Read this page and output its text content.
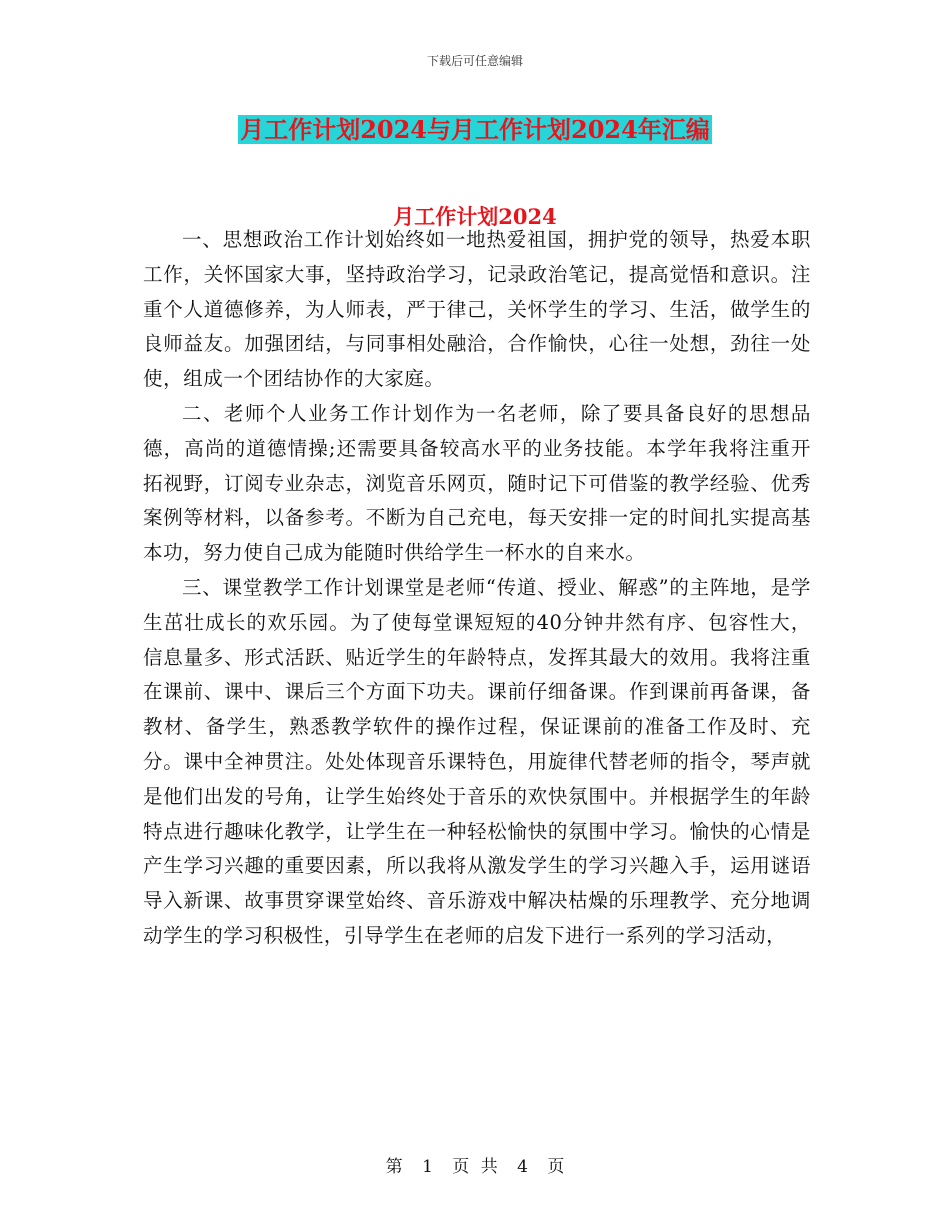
下载后可任意编辑
月工作计划2024与月工作计划2024年汇编
月工作计划2024

一、思想政治工作计划始终如一地热爱祖国，拥护党的领导，热爱本职工作，关怀国家大事，坚持政治学习，记录政治笔记，提高觉悟和意识。注重个人道德修养，为人师表，严于律己，关怀学生的学习、生活，做学生的良师益友。加强团结，与同事相处融洽，合作愉快，心往一处想，劲往一处使，组成一个团结协作的大家庭。

二、老师个人业务工作计划作为一名老师，除了要具备良好的思想品德，高尚的道德情操;还需要具备较高水平的业务技能。本学年我将注重开拓视野，订阅专业杂志，浏览音乐网页，随时记下可借鉴的教学经验、优秀案例等材料，以备参考。不断为自己充电，每天安排一定的时间扎实提高基本功，努力使自己成为能随时供给学生一杯水的自来水。

三、课堂教学工作计划课堂是老师“传道、授业、解惑”的主阵地，是学生茁壮成长的欢乐园。为了使每堂课短短的40分钟井然有序、包容性大，信息量多、形式活跃、贴近学生的年龄特点，发挥其最大的效用。我将注重在课前、课中、课后三个方面下功夫。课前仔细备课。作到课前再备课，备教材、备学生，熟悉教学软件的操作过程，保证课前的准备工作及时、充分。课中全神贯注。处处体现音乐课特色，用旋律代替老师的指令，琴声就是他们出发的号角，让学生始终处于音乐的欢快氛围中。并根据学生的年龄特点进行趣味化教学，让学生在一种轻松愉快的氛围中学习。愉快的心情是产生学习兴趣的重要因素，所以我将从激发学生的学习兴趣入手，运用谜语导入新课、故事贯穿课堂始终、音乐游戏中解决枯燥的乐理教学、充分地调动学生的学习积极性，引导学生在老师的启发下进行一系列的学习活动，

第 1 页 共 4 页
